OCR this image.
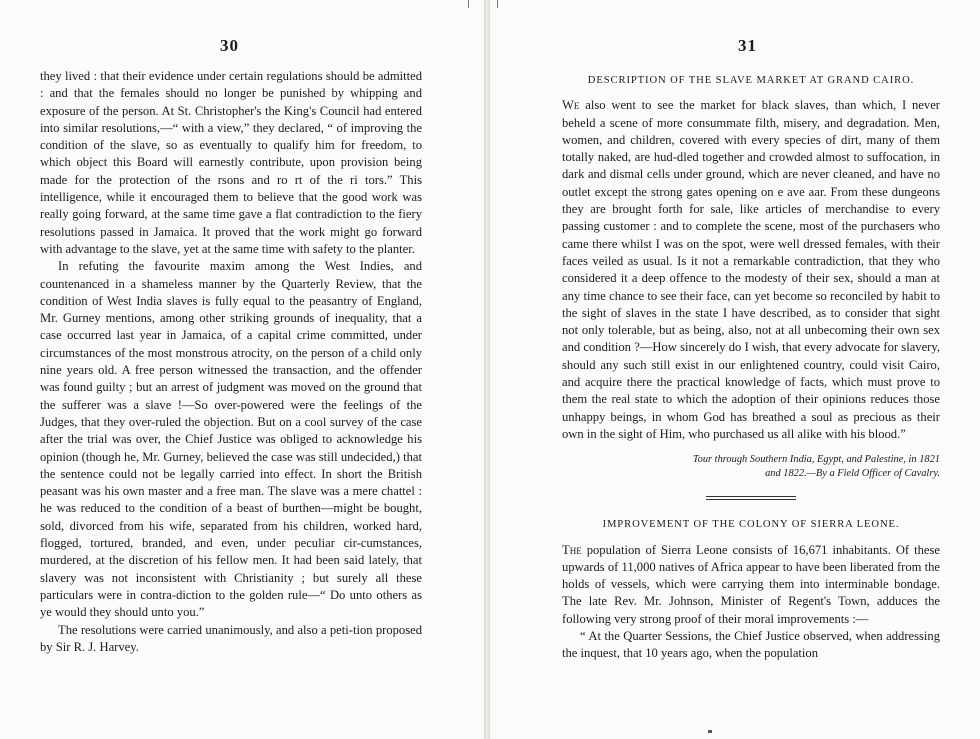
30

they lived : that their evidence under certain regulations should be admitted : and that the females should no longer be punished by whipping and exposure of the person. At St. Christopher's the King's Council had entered into similar resolutions,—“ with a view,” they declared, “ of improving the condition of the slave, so as eventually to qualify him for freedom, to which object this Board will earnestly contribute, upon provision being made for the protection of the rsons and ro rt of the ri tors.” This intelligence, while it encouraged them to believe that the good work was really going forward, at the same time gave a flat contradiction to the fiery resolutions passed in Jamaica. It proved that the work might go forward with advantage to the slave, yet at the same time with safety to the planter.

In refuting the favourite maxim among the West Indies, and countenanced in a shameless manner by the Quarterly Review, that the condition of West India slaves is fully equal to the peasantry of England, Mr. Gurney mentions, among other striking grounds of inequality, that a case occurred last year in Jamaica, of a capital crime committed, under circumstances of the most monstrous atrocity, on the person of a child only nine years old. A free person witnessed the transaction, and the offender was found guilty ; but an arrest of judgment was moved on the ground that the sufferer was a slave !—So over-powered were the feelings of the Judges, that they over-ruled the objection. But on a cool survey of the case after the trial was over, the Chief Justice was obliged to acknowledge his opinion (though he, Mr. Gurney, believed the case was still undecided,) that the sentence could not be legally carried into effect. In short the British peasant was his own master and a free man. The slave was a mere chattel : he was reduced to the condition of a beast of burthen—might be bought, sold, divorced from his wife, separated from his children, worked hard, flogged, tortured, branded, and even, under peculiar cir-cumstances, murdered, at the discretion of his fellow men. It had been said lately, that slavery was not inconsistent with Christianity ; but surely all these particulars were in contra-diction to the golden rule—“ Do unto others as ye would they should unto you.”

The resolutions were carried unanimously, and also a peti-tion proposed by Sir R. J. Harvey.

31
DESCRIPTION OF THE SLAVE MARKET AT GRAND CAIRO.

We also went to see the market for black slaves, than which, I never beheld a scene of more consummate filth, misery, and degradation. Men, women, and children, covered with every species of dirt, many of them totally naked, are hud-dled together and crowded almost to suffocation, in dark and dismal cells under ground, which are never cleaned, and have no outlet except the strong gates opening on e ave aar. From these dungeons they are brought forth for sale, like articles of merchandise to every passing customer : and to complete the scene, most of the purchasers who came there whilst I was on the spot, were well dressed females, with their faces veiled as usual. Is it not a remarkable contradiction, that they who considered it a deep offence to the modesty of their sex, should a man at any time chance to see their face, can yet become so reconciled by habit to the sight of slaves in the state I have described, as to consider that sight not only tolerable, but as being, also, not at all unbecoming their own sex and condition ?—How sincerely do I wish, that every advocate for slavery, should any such still exist in our enlightened country, could visit Cairo, and acquire there the practical knowledge of facts, which must prove to them the real state to which the adoption of their opinions reduces those unhappy beings, in whom God has breathed a soul as precious as their own in the sight of Him, who purchased us all alike with his blood.”

Tour through Southern India, Egypt, and Palestine, in 1821
and 1822.—By a Field Officer of Cavalry.
IMPROVEMENT OF THE COLONY OF SIERRA LEONE.

The population of Sierra Leone consists of 16,671 inhabitants. Of these upwards of 11,000 natives of Africa appear to have been liberated from the holds of vessels, which were carrying them into interminable bondage. The late Rev. Mr. Johnson, Minister of Regent's Town, adduces the following very strong proof of their moral improvements :—

“ At the Quarter Sessions, the Chief Justice observed, when addressing the inquest, that 10 years ago, when the population
